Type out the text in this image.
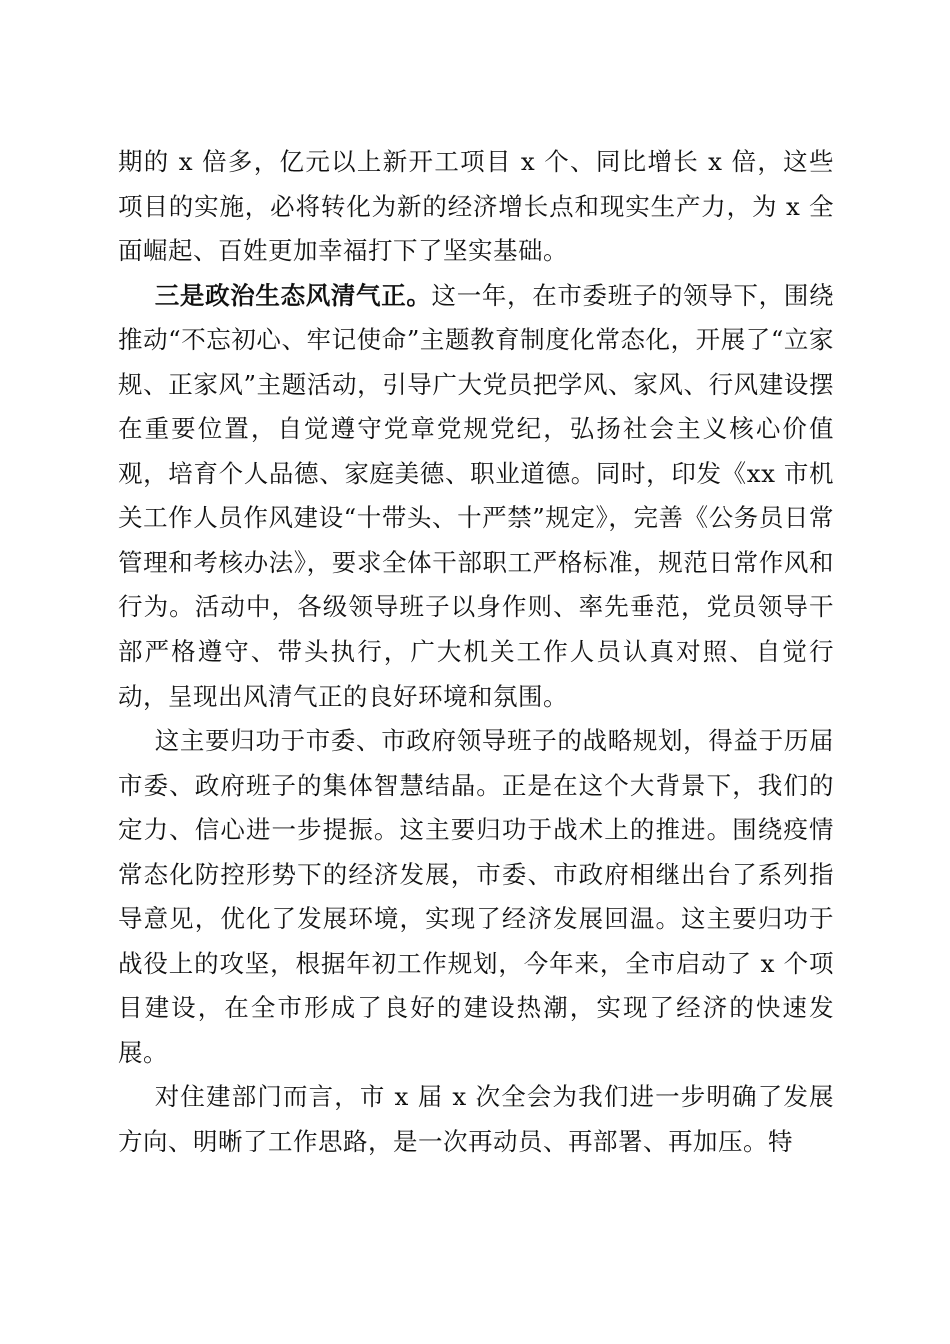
期的 x 倍多，亿元以上新开工项目 x 个、同比增长 x 倍，这些项目的实施，必将转化为新的经济增长点和现实生产力，为 x 全面崛起、百姓更加幸福打下了坚实基础。

三是政治生态风清气正。这一年，在市委班子的领导下，围绕推动“不忘初心、牢记使命”主题教育制度化常态化，开展了“立家规、正家风”主题活动，引导广大党员把学风、家风、行风建设摆在重要位置，自觉遵守党章党规党纪，弘扬社会主义核心价值观，培育个人品德、家庭美德、职业道德。同时，印发《xx 市机关工作人员作风建设“十带头、十严禁”规定》，完善《公务员日常管理和考核办法》，要求全体干部职工严格标准，规范日常作风和行为。活动中，各级领导班子以身作则、率先垂范，党员领导干部严格遵守、带头执行，广大机关工作人员认真对照、自觉行动，呈现出风清气正的良好环境和氛围。

这主要归功于市委、市政府领导班子的战略规划，得益于历届市委、政府班子的集体智慧结晶。正是在这个大背景下，我们的定力、信心进一步提振。这主要归功于战术上的推进。围绕疫情常态化防控形势下的经济发展，市委、市政府相继出台了系列指导意见，优化了发展环境，实现了经济发展回温。这主要归功于战役上的攻坚，根据年初工作规划，今年来，全市启动了 x 个项目建设，在全市形成了良好的建设热潮，实现了经济的快速发展。

对住建部门而言，市 x 届 x 次全会为我们进一步明确了发展方向、明晰了工作思路，是一次再动员、再部署、再加压。特
